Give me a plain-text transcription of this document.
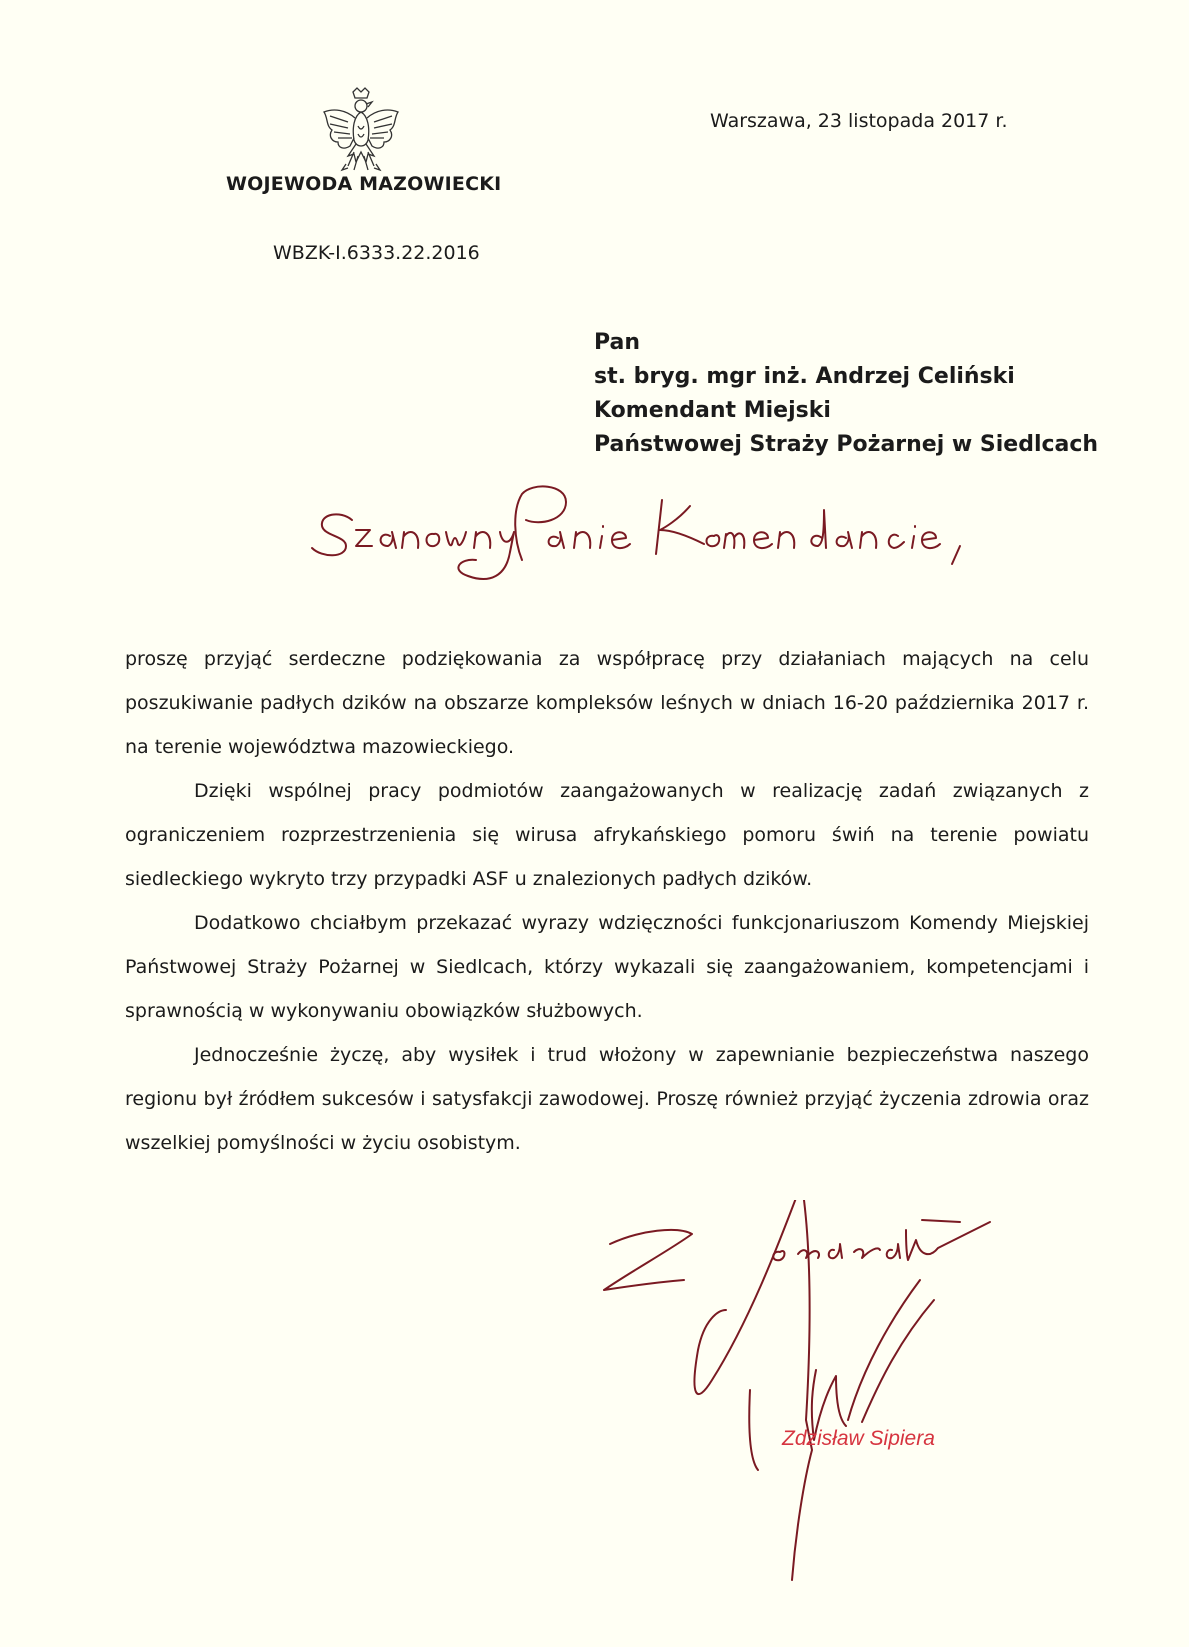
WOJEWODA MAZOWIECKI
WBZK-I.6333.22.2016
Warszawa, 23 listopada 2017 r.
Pan
st. bryg. mgr inż. Andrzej Celiński
Komendant Miejski
Państwowej Straży Pożarnej w Siedlcach

proszę przyjąć serdeczne podziękowania za współpracę przy działaniach mających na celu poszukiwanie padłych dzików na obszarze kompleksów leśnych w dniach 16-20 października 2017 r. na terenie województwa mazowieckiego.

Dzięki wspólnej pracy podmiotów zaangażowanych w realizację zadań związanych z ograniczeniem rozprzestrzenienia się wirusa afrykańskiego pomoru świń na terenie powiatu siedleckiego wykryto trzy przypadki ASF u znalezionych padłych dzików.

Dodatkowo chciałbym przekazać wyrazy wdzięczności funkcjonariuszom Komendy Miejskiej Państwowej Straży Pożarnej w Siedlcach, którzy wykazali się zaangażowaniem, kompetencjami i sprawnością w wykonywaniu obowiązków służbowych.

Jednocześnie życzę, aby wysiłek i trud włożony w zapewnianie bezpieczeństwa naszego regionu był źródłem sukcesów i satysfakcji zawodowej. Proszę również przyjąć życzenia zdrowia oraz wszelkiej pomyślności w życiu osobistym.

Zdzisław Sipiera
